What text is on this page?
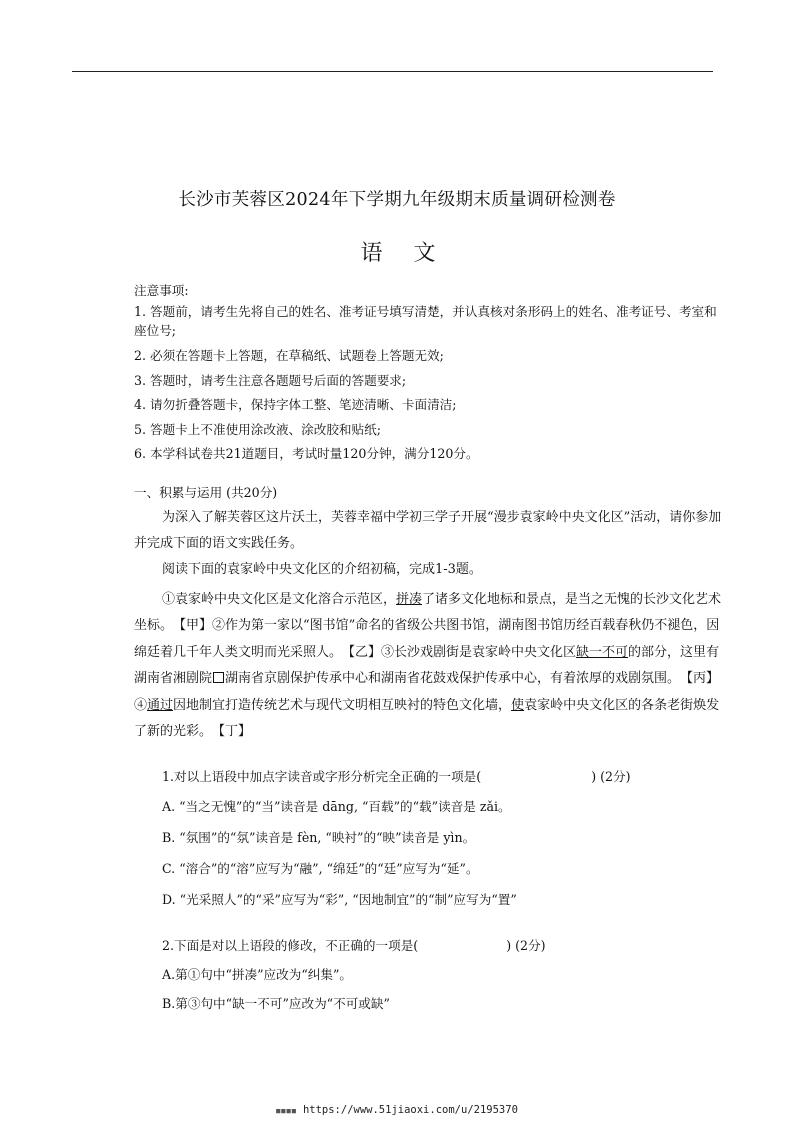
长沙市芙蓉区2024年下学期九年级期末质量调研检测卷
语 文
注意事项:
1. 答题前，请考生先将自己的姓名、准考证号填写清楚，并认真核对条形码上的姓名、准考证号、考室和座位号;
2. 必须在答题卡上答题，在草稿纸、试题卷上答题无效;
3. 答题时，请考生注意各题题号后面的答题要求;
4. 请勿折叠答题卡，保持字体工整、笔迹清晰、卡面清洁;
5. 答题卡上不准使用涂改液、涂改胶和贴纸;
6. 本学科试卷共21道题目，考试时量120分钟，满分120分。
一、积累与运用 (共20分)
为深入了解芙蓉区这片沃土，芙蓉幸福中学初三学子开展“漫步袁家岭中央文化区”活动，请你参加并完成下面的语文实践任务。
阅读下面的袁家岭中央文化区的介绍初稿，完成1-3题。
①袁家岭中央文化区是文化溶合示范区，拼凑了诸多文化地标和景点，是当之无愧的长沙文化艺术坐标。　【甲】②作为第一家以“图书馆”命名的省级公共图书馆，湖南图书馆历经百载春秋仍不褪色，因绵廷着几千年人类文明而光采照人。　【乙】③长沙戏剧街是袁家岭中央文化区缺一不可的部分，这里有湖南省湘剧院 湖南省京剧保护传承中心和湖南省花鼓戏保护传承中心，有着浓厚的戏剧氛围。　【丙】④通过因地制宜打造传统艺术与现代文明相互映衬的特色文化墙，使袁家岭中央文化区的各条老街焕发了新的光彩。　【丁】
1.对以上语段中加点字读音或字形分析完全正确的一项是(	) (2分)
A. “当之无愧”的“当”读音是 dāng, “百载”的“载”读音是 zǎi。
B. “氛围”的“氛”读音是 fèn, “映衬”的“映”读音是 yìn。
C. “溶合”的“溶”应写为“融”, “绵廷”的“廷”应写为“延”。
D. “光采照人”的“采”应写为“彩”, “因地制宜”的“制”应写为“置”
2.下面是对以上语段的修改，不正确的一项是(	) (2分)
A.第①句中“拼凑”应改为“纠集”。
B.第③句中“缺一不可”应改为“不可或缺”
■■■■ https://www.51jiaoxi.com/u/2195370
